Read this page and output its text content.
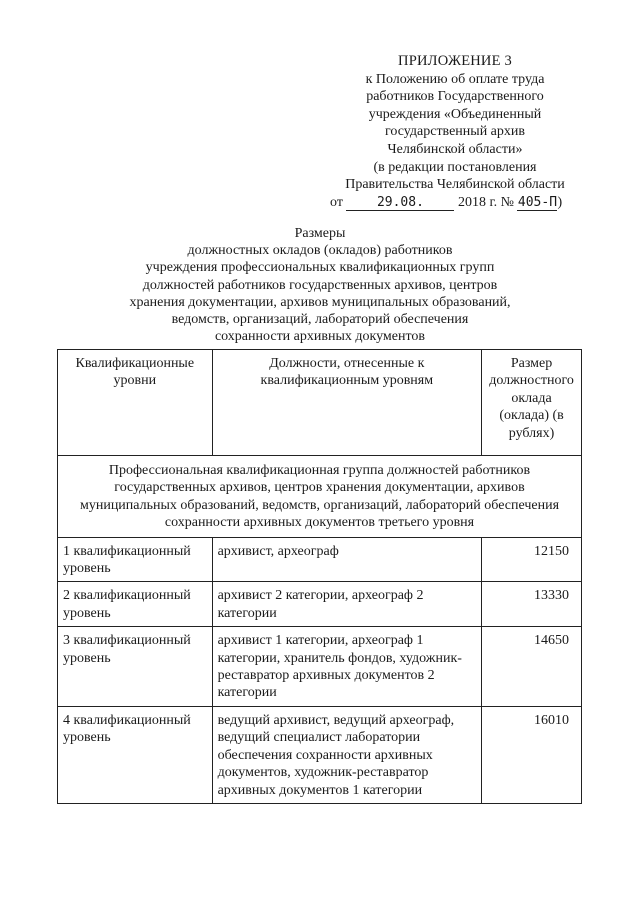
ПРИЛОЖЕНИЕ 3
к Положению об оплате труда
работников Государственного
учреждения «Объединенный
государственный архив
Челябинской области»
(в редакции постановления
Правительства Челябинской области
от	29.08. 2018 г. № 405-П)
Размеры
должностных окладов (окладов) работников
учреждения профессиональных квалификационных групп
должностей работников государственных архивов, центров
хранения документации, архивов муниципальных образований,
ведомств, организаций, лабораторий обеспечения
сохранности архивных документов
Квалификационные уровни	Должности, отнесенные к квалификационным уровням	Размер должностного оклада (оклада) (в рублях)
Профессиональная квалификационная группа должностей работников государственных архивов, центров хранения документации, архивов муниципальных образований, ведомств, организаций, лабораторий обеспечения сохранности архивных документов третьего уровня		
1 квалификационный уровень	архивист, археограф	12150
2 квалификационный уровень	архивист 2 категории, археограф 2 категории	13330
3 квалификационный уровень	архивист 1 категории, археограф 1 категории, хранитель фондов, художник-реставратор архивных документов 2 категории	14650
4 квалификационный уровень	ведущий архивист, ведущий археограф, ведущий специалист лаборатории обеспечения сохранности архивных документов, художник-реставратор архивных документов 1 категории	16010
